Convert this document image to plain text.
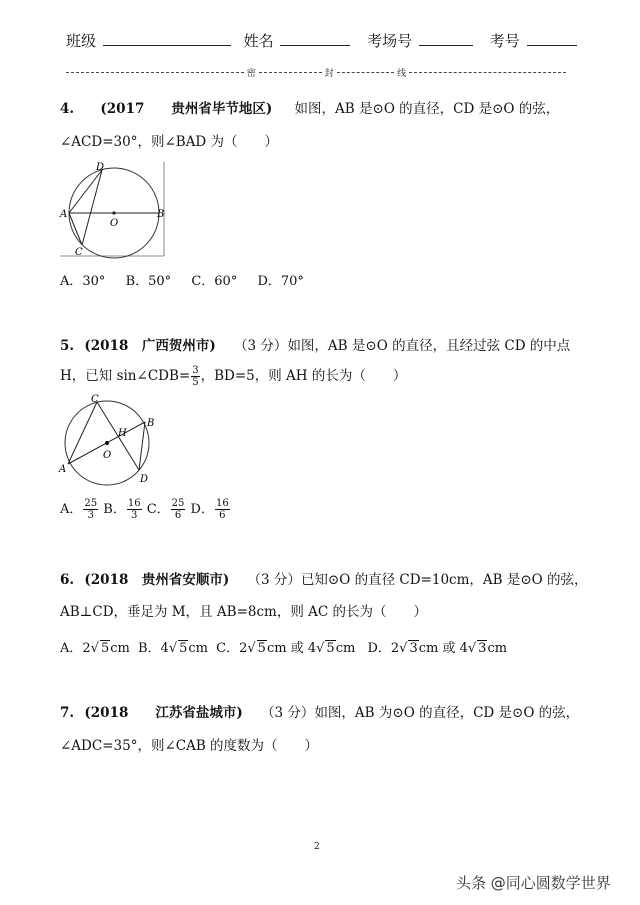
班级	姓名	考场号	考号
密	封	线
4. (2017　　贵州省毕节地区) 如图，AB 是⊙O 的直径，CD 是⊙O 的弦，
∠ACD=30°，则∠BAD 为（　　）
D
A
O
B
C
A．30° B．50° C．60° D．70°
5. (2018　广西贺州市) （3 分）如图，AB 是⊙O 的直径，且经过弦 CD 的中点
H，已知 sin∠CDB= $\frac{3}{5}$ ，BD=5，则 AH 的长为（　　）
C
H
B
A
O
D
A． $\frac{25}{3}$ B． $\frac{16}{3}$ C． $\frac{25}{6}$ D． $\frac{16}{6}$
6. (2018　贵州省安顺市) （3 分）已知⊙O 的直径 CD=10cm，AB 是⊙O 的弦，
AB⊥CD，垂足为 M，且 AB=8cm，则 AC 的长为（　　）
A．2√ 5cm B．4√ 5cm C．2√ 5cm 或 4√ 5cm D．2√ 3cm 或 4√ 3cm
7. (2018　　江苏省盐城市) （3 分）如图，AB 为⊙O 的直径，CD 是⊙O 的弦，
∠ADC=35°，则∠CAB 的度数为（　　）
2
头条 @同心圆数学世界
